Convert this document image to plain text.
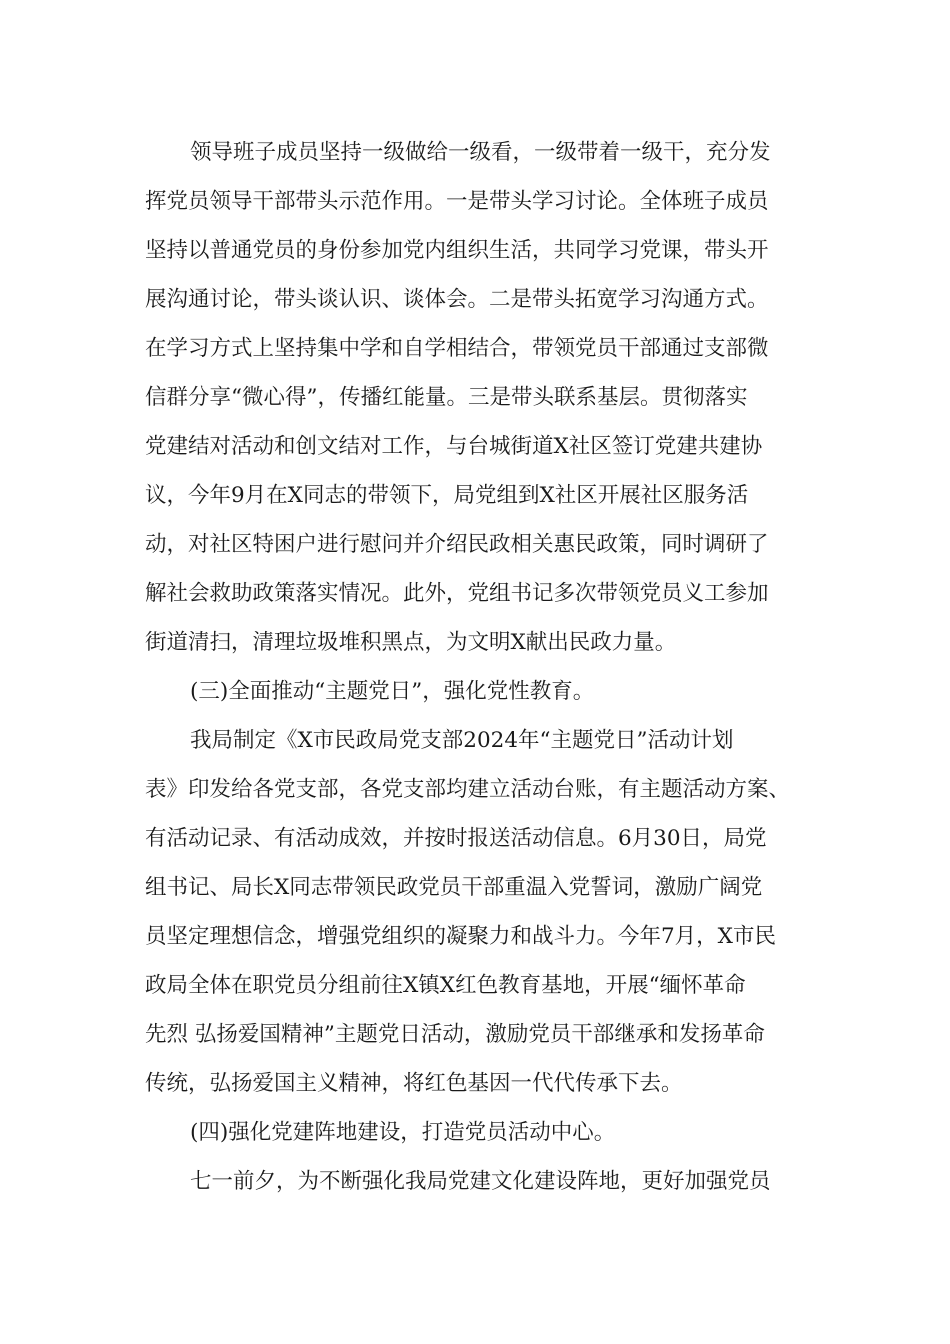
领导班子成员坚持一级做给一级看，一级带着一级干，充分发
挥党员领导干部带头示范作用。一是带头学习讨论。全体班子成员
坚持以普通党员的身份参加党内组织生活，共同学习党课，带头开
展沟通讨论，带头谈认识、谈体会。二是带头拓宽学习沟通方式。
在学习方式上坚持集中学和自学相结合，带领党员干部通过支部微
信群分享“微心得”，传播红能量。三是带头联系基层。贯彻落实
党建结对活动和创文结对工作，与台城街道X社区签订党建共建协
议，今年9月在X同志的带领下，局党组到X社区开展社区服务活
动，对社区特困户进行慰问并介绍民政相关惠民政策，同时调研了
解社会救助政策落实情况。此外，党组书记多次带领党员义工参加
街道清扫，清理垃圾堆积黑点，为文明X献出民政力量。
(三)全面推动“主题党日”，强化党性教育。
我局制定《X市民政局党支部2024年“主题党日”活动计划
表》印发给各党支部，各党支部均建立活动台账，有主题活动方案、
有活动记录、有活动成效，并按时报送活动信息。6月30日，局党
组书记、局长X同志带领民政党员干部重温入党誓词，激励广阔党
员坚定理想信念，增强党组织的凝聚力和战斗力。今年7月，X市民
政局全体在职党员分组前往X镇X红色教育基地，开展“缅怀革命
先烈 弘扬爱国精神”主题党日活动，激励党员干部继承和发扬革命
传统，弘扬爱国主义精神，将红色基因一代代传承下去。
(四)强化党建阵地建设，打造党员活动中心。
七一前夕，为不断强化我局党建文化建设阵地，更好加强党员
